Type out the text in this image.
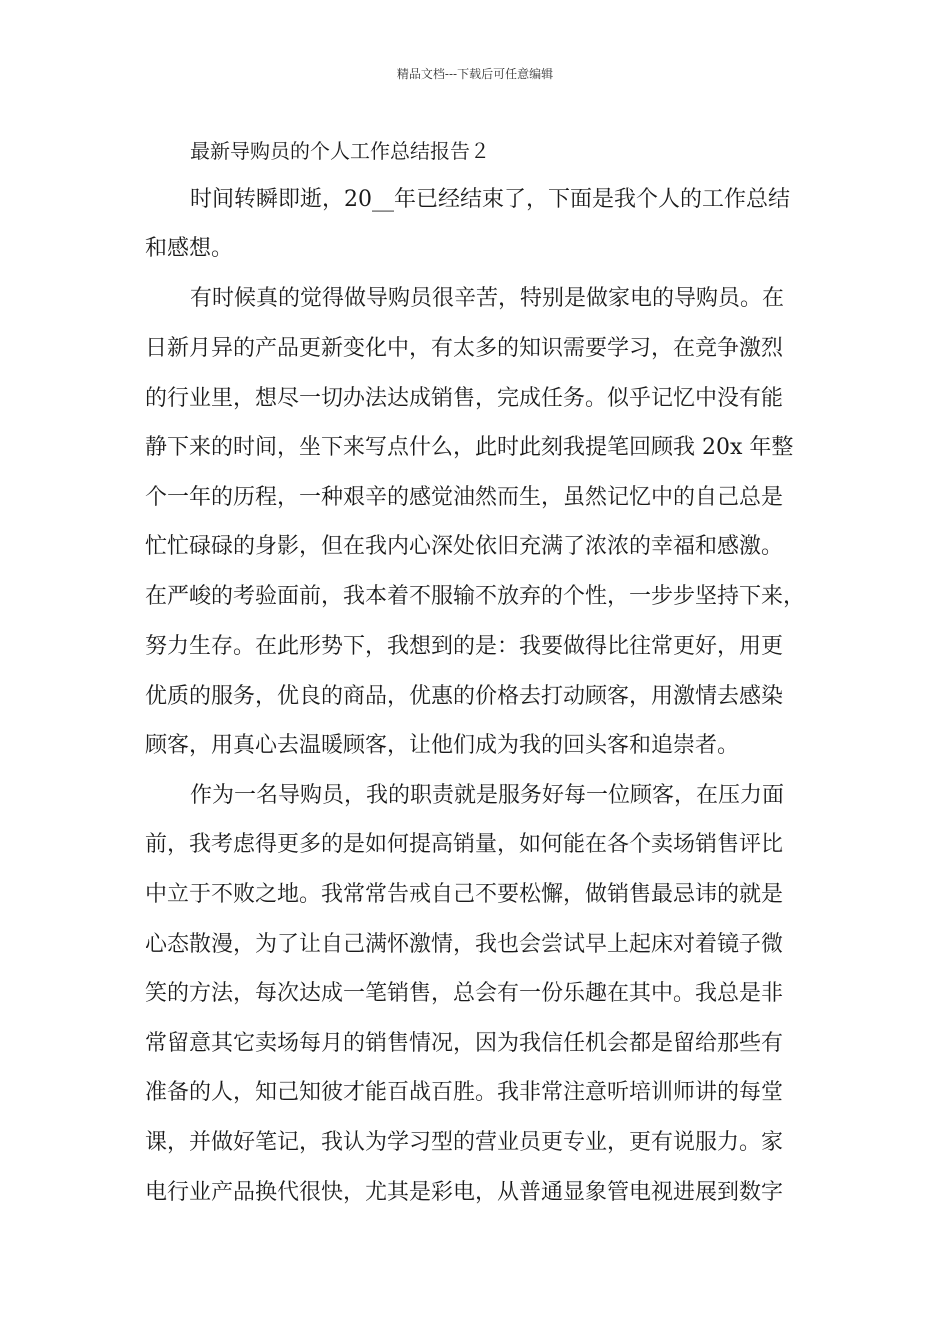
精品文档---下载后可任意编辑
最新导购员的个人工作总结报告２
时间转瞬即逝，20__年已经结束了，下面是我个人的工作总结
和感想。
有时候真的觉得做导购员很辛苦，特别是做家电的导购员。在
日新月异的产品更新变化中，有太多的知识需要学习，在竞争激烈
的行业里，想尽一切办法达成销售，完成任务。似乎记忆中没有能
静下来的时间，坐下来写点什么，此时此刻我提笔回顾我 20x 年整
个一年的历程，一种艰辛的感觉油然而生，虽然记忆中的自己总是
忙忙碌碌的身影，但在我内心深处依旧充满了浓浓的幸福和感激。
在严峻的考验面前，我本着不服输不放弃的个性，一步步坚持下来，
努力生存。在此形势下，我想到的是：我要做得比往常更好，用更
优质的服务，优良的商品，优惠的价格去打动顾客，用激情去感染
顾客，用真心去温暖顾客，让他们成为我的回头客和追崇者。
作为一名导购员，我的职责就是服务好每一位顾客，在压力面
前，我考虑得更多的是如何提高销量，如何能在各个卖场销售评比
中立于不败之地。我常常告戒自己不要松懈，做销售最忌讳的就是
心态散漫，为了让自己满怀激情，我也会尝试早上起床对着镜子微
笑的方法，每次达成一笔销售，总会有一份乐趣在其中。我总是非
常留意其它卖场每月的销售情况，因为我信任机会都是留给那些有
准备的人，知己知彼才能百战百胜。我非常注意听培训师讲的每堂
课，并做好笔记，我认为学习型的营业员更专业，更有说服力。家
电行业产品换代很快，尤其是彩电，从普通显象管电视进展到数字
